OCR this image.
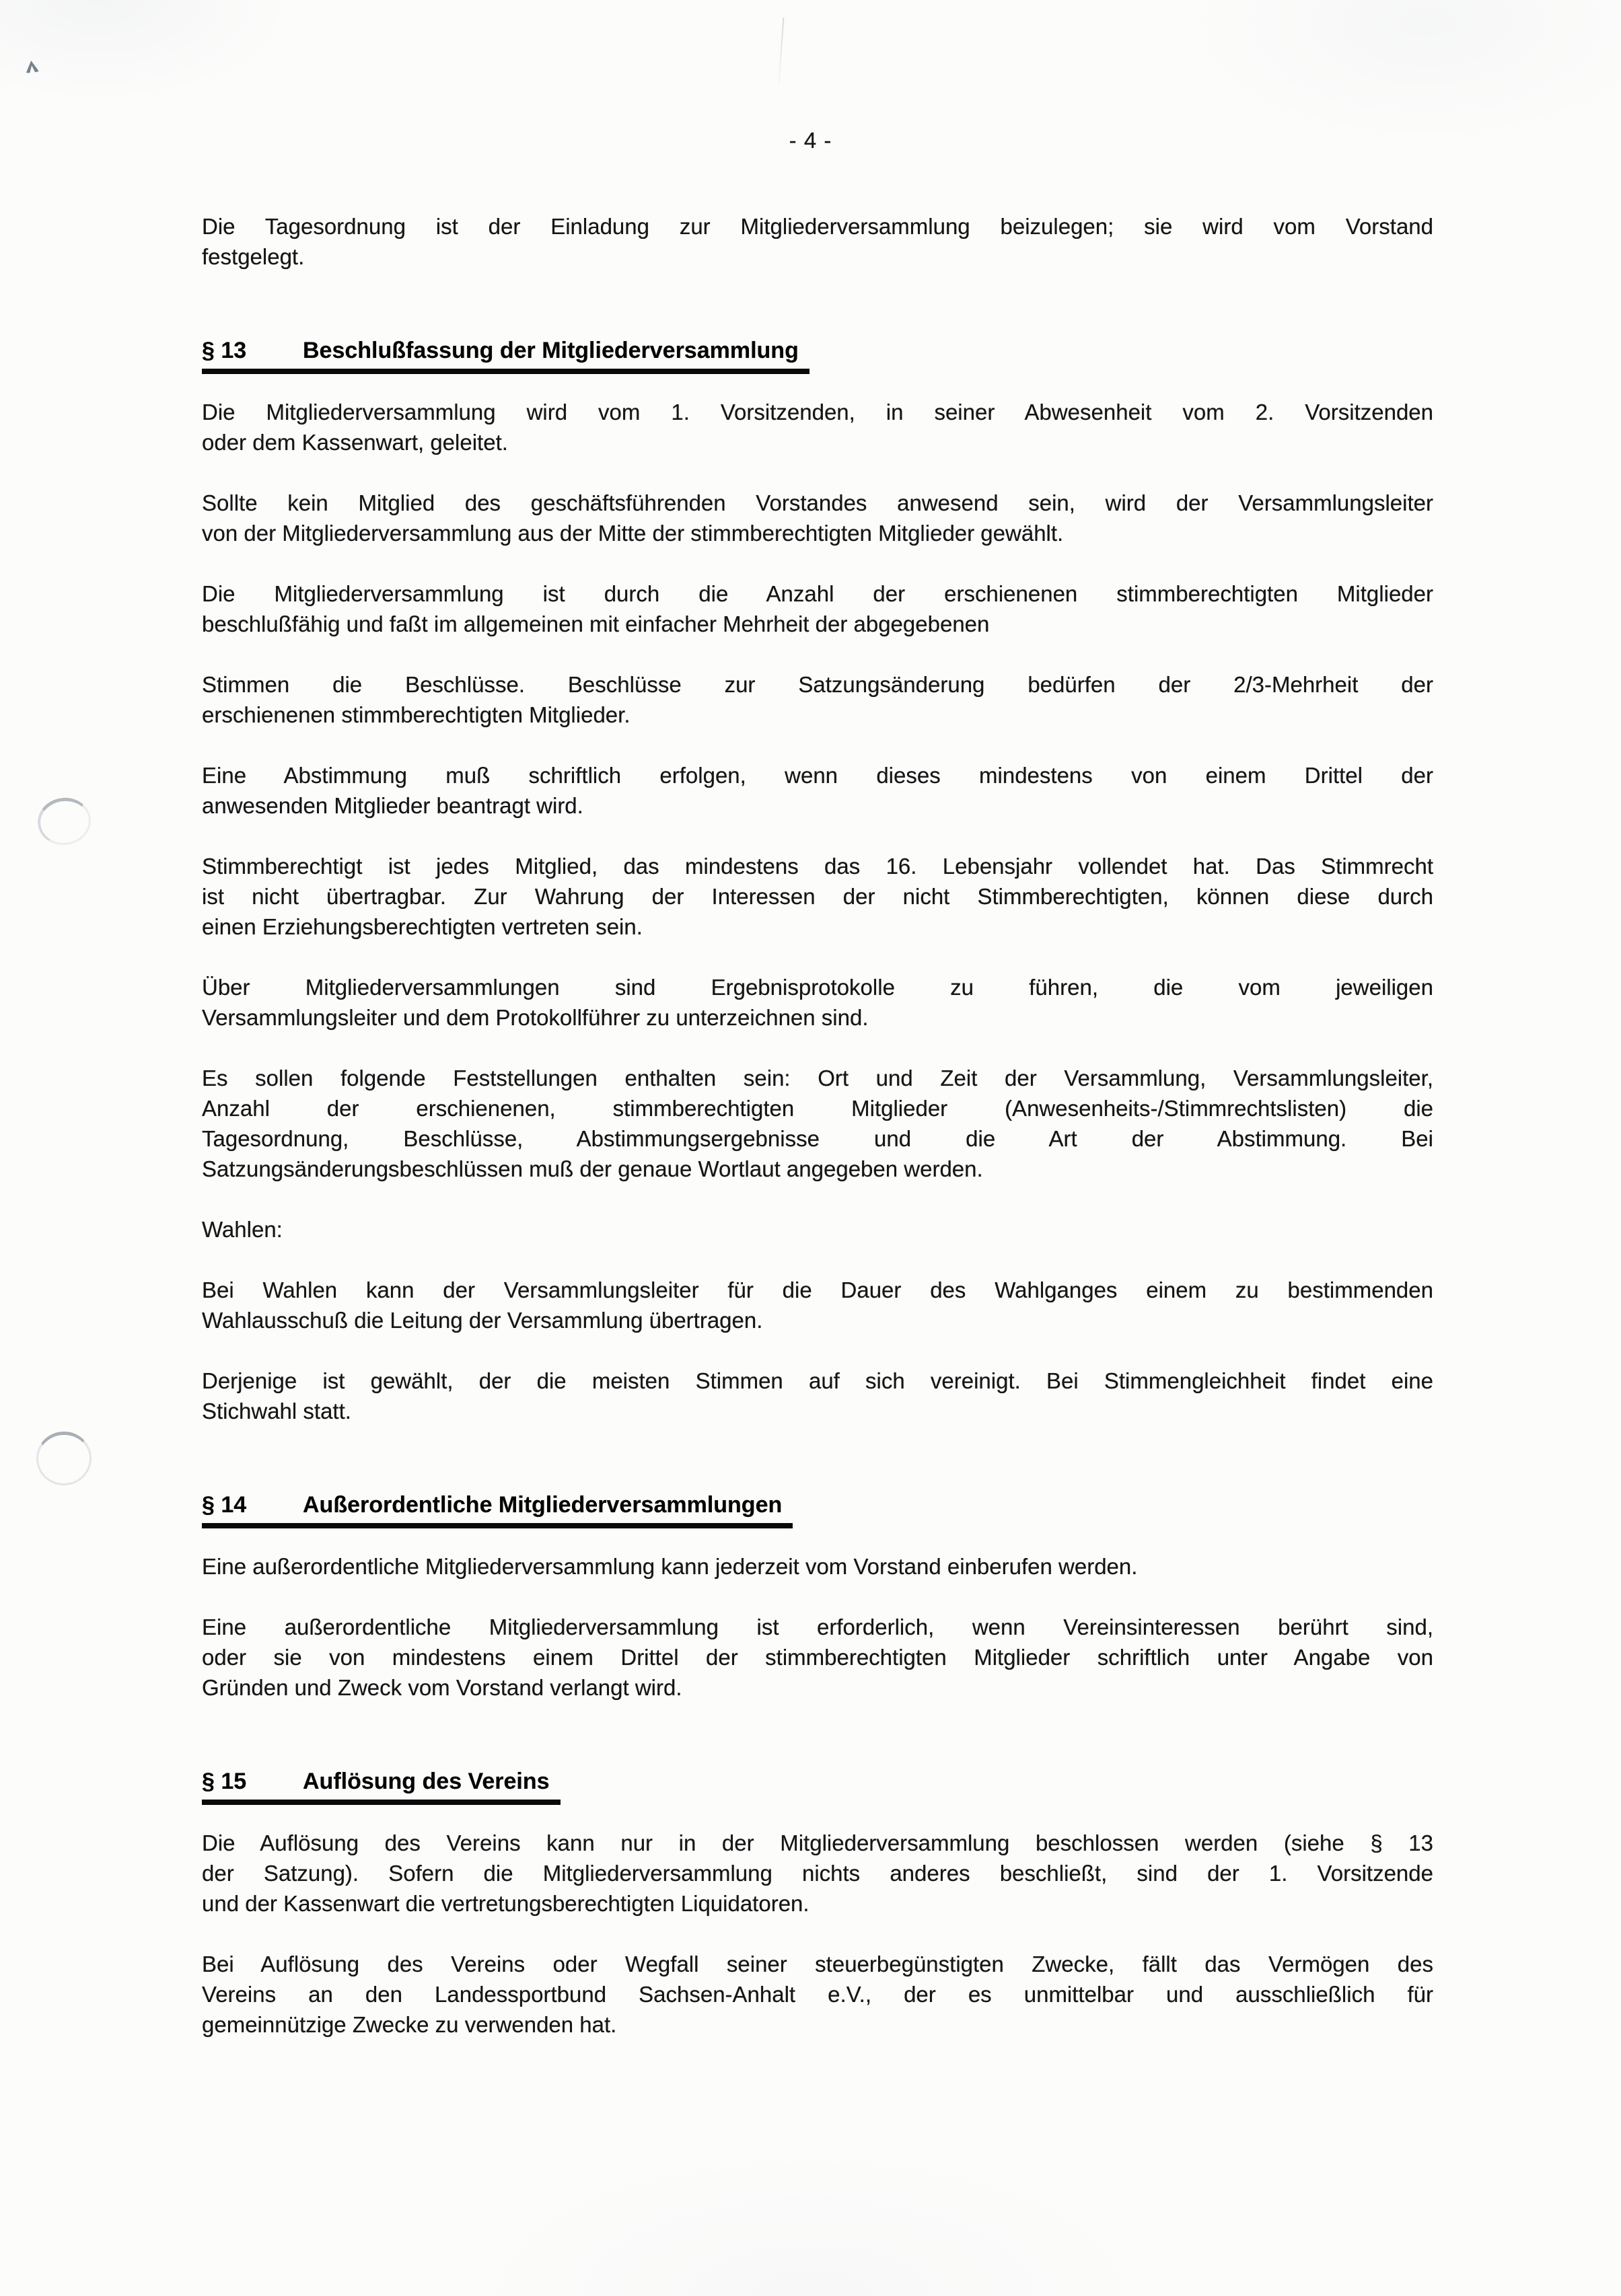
- 4 -
Die Tagesordnung ist der Einladung zur Mitgliederversammlung beizulegen; sie wird vom Vorstand
festgelegt.
§ 13 Beschlußfassung der Mitgliederversammlung
Die Mitgliederversammlung wird vom 1. Vorsitzenden, in seiner Abwesenheit vom 2. Vorsitzenden
oder dem Kassenwart, geleitet.
Sollte kein Mitglied des geschäftsführenden Vorstandes anwesend sein, wird der Versammlungsleiter
von der Mitgliederversammlung aus der Mitte der stimmberechtigten Mitglieder gewählt.
Die Mitgliederversammlung ist durch die Anzahl der erschienenen stimmberechtigten Mitglieder
beschlußfähig und faßt im allgemeinen mit einfacher Mehrheit der abgegebenen
Stimmen die Beschlüsse. Beschlüsse zur Satzungsänderung bedürfen der 2/3-Mehrheit der
erschienenen stimmberechtigten Mitglieder.
Eine Abstimmung muß schriftlich erfolgen, wenn dieses mindestens von einem Drittel der
anwesenden Mitglieder beantragt wird.
Stimmberechtigt ist jedes Mitglied, das mindestens das 16. Lebensjahr vollendet hat. Das Stimmrecht
ist nicht übertragbar. Zur Wahrung der Interessen der nicht Stimmberechtigten, können diese durch
einen Erziehungsberechtigten vertreten sein.
Über Mitgliederversammlungen sind Ergebnisprotokolle zu führen, die vom jeweiligen
Versammlungsleiter und dem Protokollführer zu unterzeichnen sind.
Es sollen folgende Feststellungen enthalten sein: Ort und Zeit der Versammlung, Versammlungsleiter,
Anzahl der erschienenen, stimmberechtigten Mitglieder (Anwesenheits-/Stimmrechtslisten) die
Tagesordnung, Beschlüsse, Abstimmungsergebnisse und die Art der Abstimmung. Bei
Satzungsänderungsbeschlüssen muß der genaue Wortlaut angegeben werden.
Wahlen:
Bei Wahlen kann der Versammlungsleiter für die Dauer des Wahlganges einem zu bestimmenden
Wahlausschuß die Leitung der Versammlung übertragen.
Derjenige ist gewählt, der die meisten Stimmen auf sich vereinigt. Bei Stimmengleichheit findet eine
Stichwahl statt.
§ 14 Außerordentliche Mitgliederversammlungen
Eine außerordentliche Mitgliederversammlung kann jederzeit vom Vorstand einberufen werden.
Eine außerordentliche Mitgliederversammlung ist erforderlich, wenn Vereinsinteressen berührt sind,
oder sie von mindestens einem Drittel der stimmberechtigten Mitglieder schriftlich unter Angabe von
Gründen und Zweck vom Vorstand verlangt wird.
§ 15 Auflösung des Vereins
Die Auflösung des Vereins kann nur in der Mitgliederversammlung beschlossen werden (siehe § 13
der Satzung). Sofern die Mitgliederversammlung nichts anderes beschließt, sind der 1. Vorsitzende
und der Kassenwart die vertretungsberechtigten Liquidatoren.
Bei Auflösung des Vereins oder Wegfall seiner steuerbegünstigten Zwecke, fällt das Vermögen des
Vereins an den Landessportbund Sachsen-Anhalt e.V., der es unmittelbar und ausschließlich für
gemeinnützige Zwecke zu verwenden hat.
